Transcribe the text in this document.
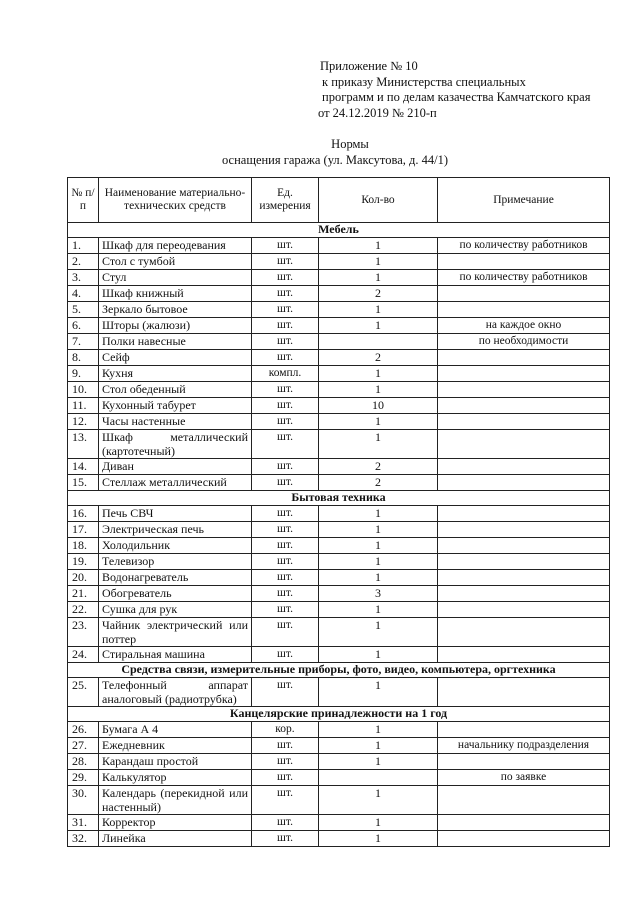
Приложение № 10
к приказу Министерства специальных
программ и по делам казачества Камчатского края
от 24.12.2019 № 210-п
Нормы
оснащения гаража (ул. Максутова, д. 44/1)
№ п/п	Наименование материально-технических средств	Ед. измерения	Кол-во	Примечание
Мебель				
1.	Шкаф для переодевания	шт.	1	по количеству работников
2.	Стол с тумбой	шт.	1	
3.	Стул	шт.	1	по количеству работников
4.	Шкаф книжный	шт.	2	
5.	Зеркало бытовое	шт.	1	
6.	Шторы (жалюзи)	шт.	1	на каждое окно
7.	Полки навесные	шт.		по необходимости
8.	Сейф	шт.	2	
9.	Кухня	компл.	1	
10.	Стол обеденный	шт.	1	
11.	Кухонный табурет	шт.	10	
12.	Часы настенные	шт.	1	
13.	Шкаф металлический (картотечный)	шт.	1	
14.	Диван	шт.	2	
15.	Стеллаж металлический	шт.	2	
Бытовая техника				
16.	Печь СВЧ	шт.	1	
17.	Электрическая печь	шт.	1	
18.	Холодильник	шт.	1	
19.	Телевизор	шт.	1	
20.	Водонагреватель	шт.	1	
21.	Обогреватель	шт.	3	
22.	Сушка для рук	шт.	1	
23.	Чайник электрический или поттер	шт.	1	
24.	Стиральная машина	шт.	1	
Средства связи, измерительные приборы, фото, видео, компьютера, оргтехника				
25.	Телефонный аппарат аналоговый (радиотрубка)	шт.	1	
Канцелярские принадлежности на 1 год				
26.	Бумага А 4	кор.	1	
27.	Ежедневник	шт.	1	начальнику подразделения
28.	Карандаш простой	шт.	1	
29.	Калькулятор	шт.		по заявке
30.	Календарь (перекидной или настенный)	шт.	1	
31.	Корректор	шт.	1	
32.	Линейка	шт.	1	
